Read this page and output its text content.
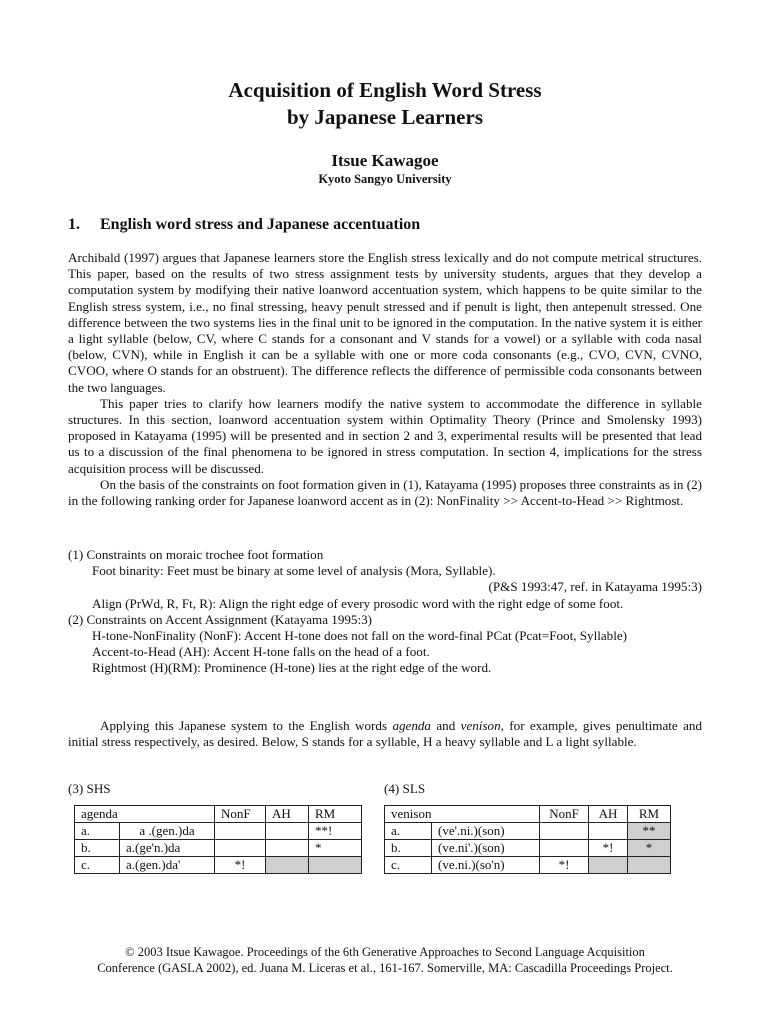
Acquisition of English Word Stress
by Japanese Learners
Itsue Kawagoe
Kyoto Sangyo University
1. English word stress and Japanese accentuation

Archibald (1997) argues that Japanese learners store the English stress lexically and do not compute metrical structures. This paper, based on the results of two stress assignment tests by university students, argues that they develop a computation system by modifying their native loanword accentuation system, which happens to be quite similar to the English stress system, i.e., no final stressing, heavy penult stressed and if penult is light, then antepenult stressed. One difference between the two systems lies in the final unit to be ignored in the computation. In the native system it is either a light syllable (below, CV, where C stands for a consonant and V stands for a vowel) or a syllable with coda nasal (below, CVN), while in English it can be a syllable with one or more coda consonants (e.g., CVO, CVN, CVNO, CVOO, where O stands for an obstruent). The difference reflects the difference of permissible coda consonants between the two languages.

This paper tries to clarify how learners modify the native system to accommodate the difference in syllable structures. In this section, loanword accentuation system within Optimality Theory (Prince and Smolensky 1993) proposed in Katayama (1995) will be presented and in section 2 and 3, experimental results will be presented that lead us to a discussion of the final phenomena to be ignored in stress computation. In section 4, implications for the stress acquisition process will be discussed.

On the basis of the constraints on foot formation given in (1), Katayama (1995) proposes three constraints as in (2) in the following ranking order for Japanese loanword accent as in (2): NonFinality >> Accent-to-Head >> Rightmost.

(1) Constraints on moraic trochee foot formation
Foot binarity: Feet must be binary at some level of analysis (Mora, Syllable).
(P&S 1993:47, ref. in Katayama 1995:3)
Align (PrWd, R, Ft, R): Align the right edge of every prosodic word with the right edge of some foot.
(2) Constraints on Accent Assignment (Katayama 1995:3)
H-tone-NonFinality (NonF): Accent H-tone does not fall on the word-final PCat (Pcat=Foot, Syllable)
Accent-to-Head (AH): Accent H-tone falls on the head of a foot.
Rightmost (H)(RM): Prominence (H-tone) lies at the right edge of the word.

Applying this Japanese system to the English words agenda and venison, for example, gives penultimate and initial stress respectively, as desired. Below, S stands for a syllable, H a heavy syllable and L a light syllable.

(3) SHS	(4) SLS
agenda		NonF	AH	RM
a.	a .(gen.)da			**!
b.	a.(ge'n.)da			*
c.	a.(gen.)da'	*!		
venison		NonF	AH	RM
a.	(ve'.ni.)(son)			**
b.	(ve.ni'.)(son)		*!	*
c.	(ve.ni.)(so'n)	*!		
© 2003 Itsue Kawagoe. Proceedings of the 6th Generative Approaches to Second Language Acquisition
Conference (GASLA 2002), ed. Juana M. Liceras et al., 161-167. Somerville, MA: Cascadilla Proceedings Project.
